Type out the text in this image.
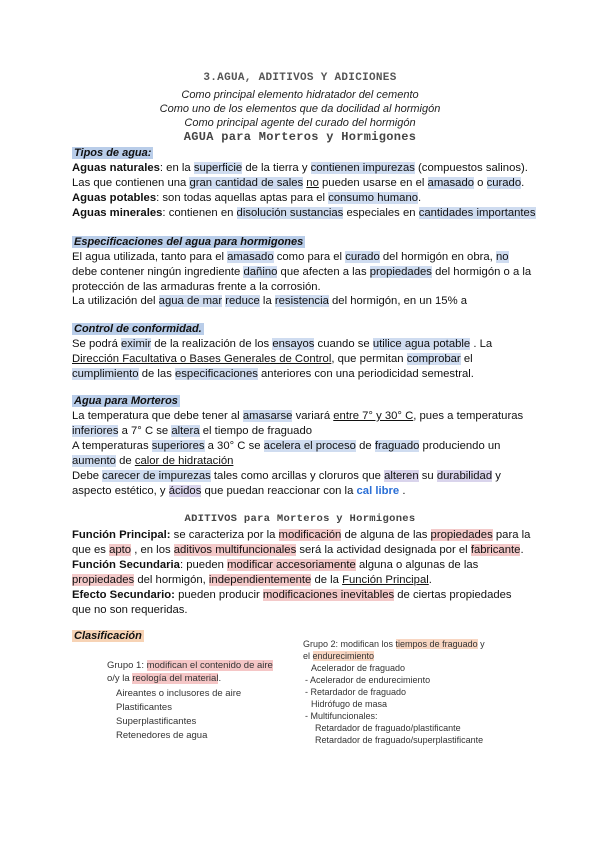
3.AGUA, ADITIVOS Y ADICIONES
Como principal elemento hidratador del cemento
Como uno de los elementos que da docilidad al hormigón
Como principal agente del curado del hormigón
AGUA para Morteros y Hormigones
Tipos de agua:
Aguas naturales: en la superficie de la tierra y contienen impurezas (compuestos salinos).
Las que contienen una gran cantidad de sales no pueden usarse en el amasado o curado.
Aguas potables: son todas aquellas aptas para el consumo humano.
Aguas minerales: contienen en disolución sustancias especiales en cantidades importantes
Especificaciones del agua para hormigones
El agua utilizada, tanto para el amasado como para el curado del hormigón en obra, no
debe contener ningún ingrediente dañino que afecten a las propiedades del hormigón o a la
protección de las armaduras frente a la corrosión.
La utilización del agua de mar reduce la resistencia del hormigón, en un 15% a
Control de conformidad.
Se podrá eximir de la realización de los ensayos cuando se utilice agua potable . La
Dirección Facultativa o Bases Generales de Control, que permitan comprobar el
cumplimiento de las especificaciones anteriores con una periodicidad semestral.
Agua para Morteros
La temperatura que debe tener al amasarse variará entre 7° y 30° C, pues a temperaturas
inferiores a 7° C se altera el tiempo de fraguado
A temperaturas superiores a 30° C se acelera el proceso de fraguado produciendo un
aumento de calor de hidratación
Debe carecer de impurezas tales como arcillas y cloruros que alteren su durabilidad y
aspecto estético, y ácidos que puedan reaccionar con la cal libre .
ADITIVOS para Morteros y Hormigones
Función Principal: se caracteriza por la modificación de alguna de las propiedades para la
que es apto , en los aditivos multifuncionales será la actividad designada por el fabricante.
Función Secundaria: pueden modificar accesoriamente alguna o algunas de las
propiedades del hormigón, independientemente de la Función Principal.
Efecto Secundario: pueden producir modificaciones inevitables de ciertas propiedades
que no son requeridas.
Clasificación
Grupo 1: modifican el contenido de aire
o/y la reología del material.
Aireantes o inclusores de aire
Plastificantes
Superplastificantes
Retenedores de agua
Grupo 2: modifican los tiempos de fraguado y
el endurecimiento
Acelerador de fraguado
- Acelerador de endurecimiento
- Retardador de fraguado
Hidrófugo de masa
- Multifuncionales:
Retardador de fraguado/plastificante
Retardador de fraguado/superplastificante
